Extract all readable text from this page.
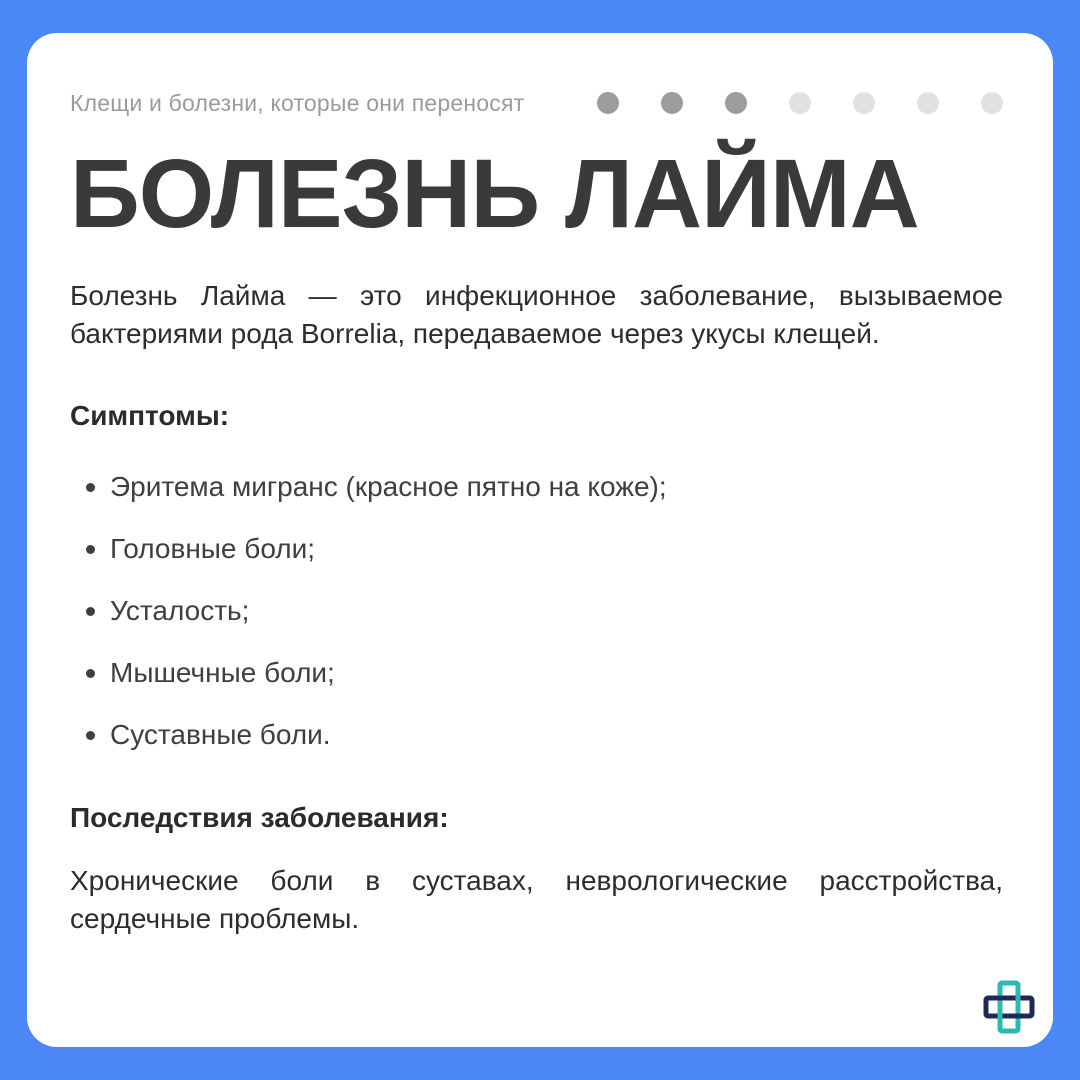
Клещи и болезни, которые они переносят
БОЛЕЗНЬ ЛАЙМА

Болезнь Лайма — это инфекционное заболевание, вызываемое бактериями рода Borrelia, передаваемое через укусы клещей.

Симптомы:
Эритема мигранс (красное пятно на коже);
Головные боли;
Усталость;
Мышечные боли;
Суставные боли.
Последствия заболевания:

Хронические боли в суставах, неврологические расстройства, сердечные проблемы.
